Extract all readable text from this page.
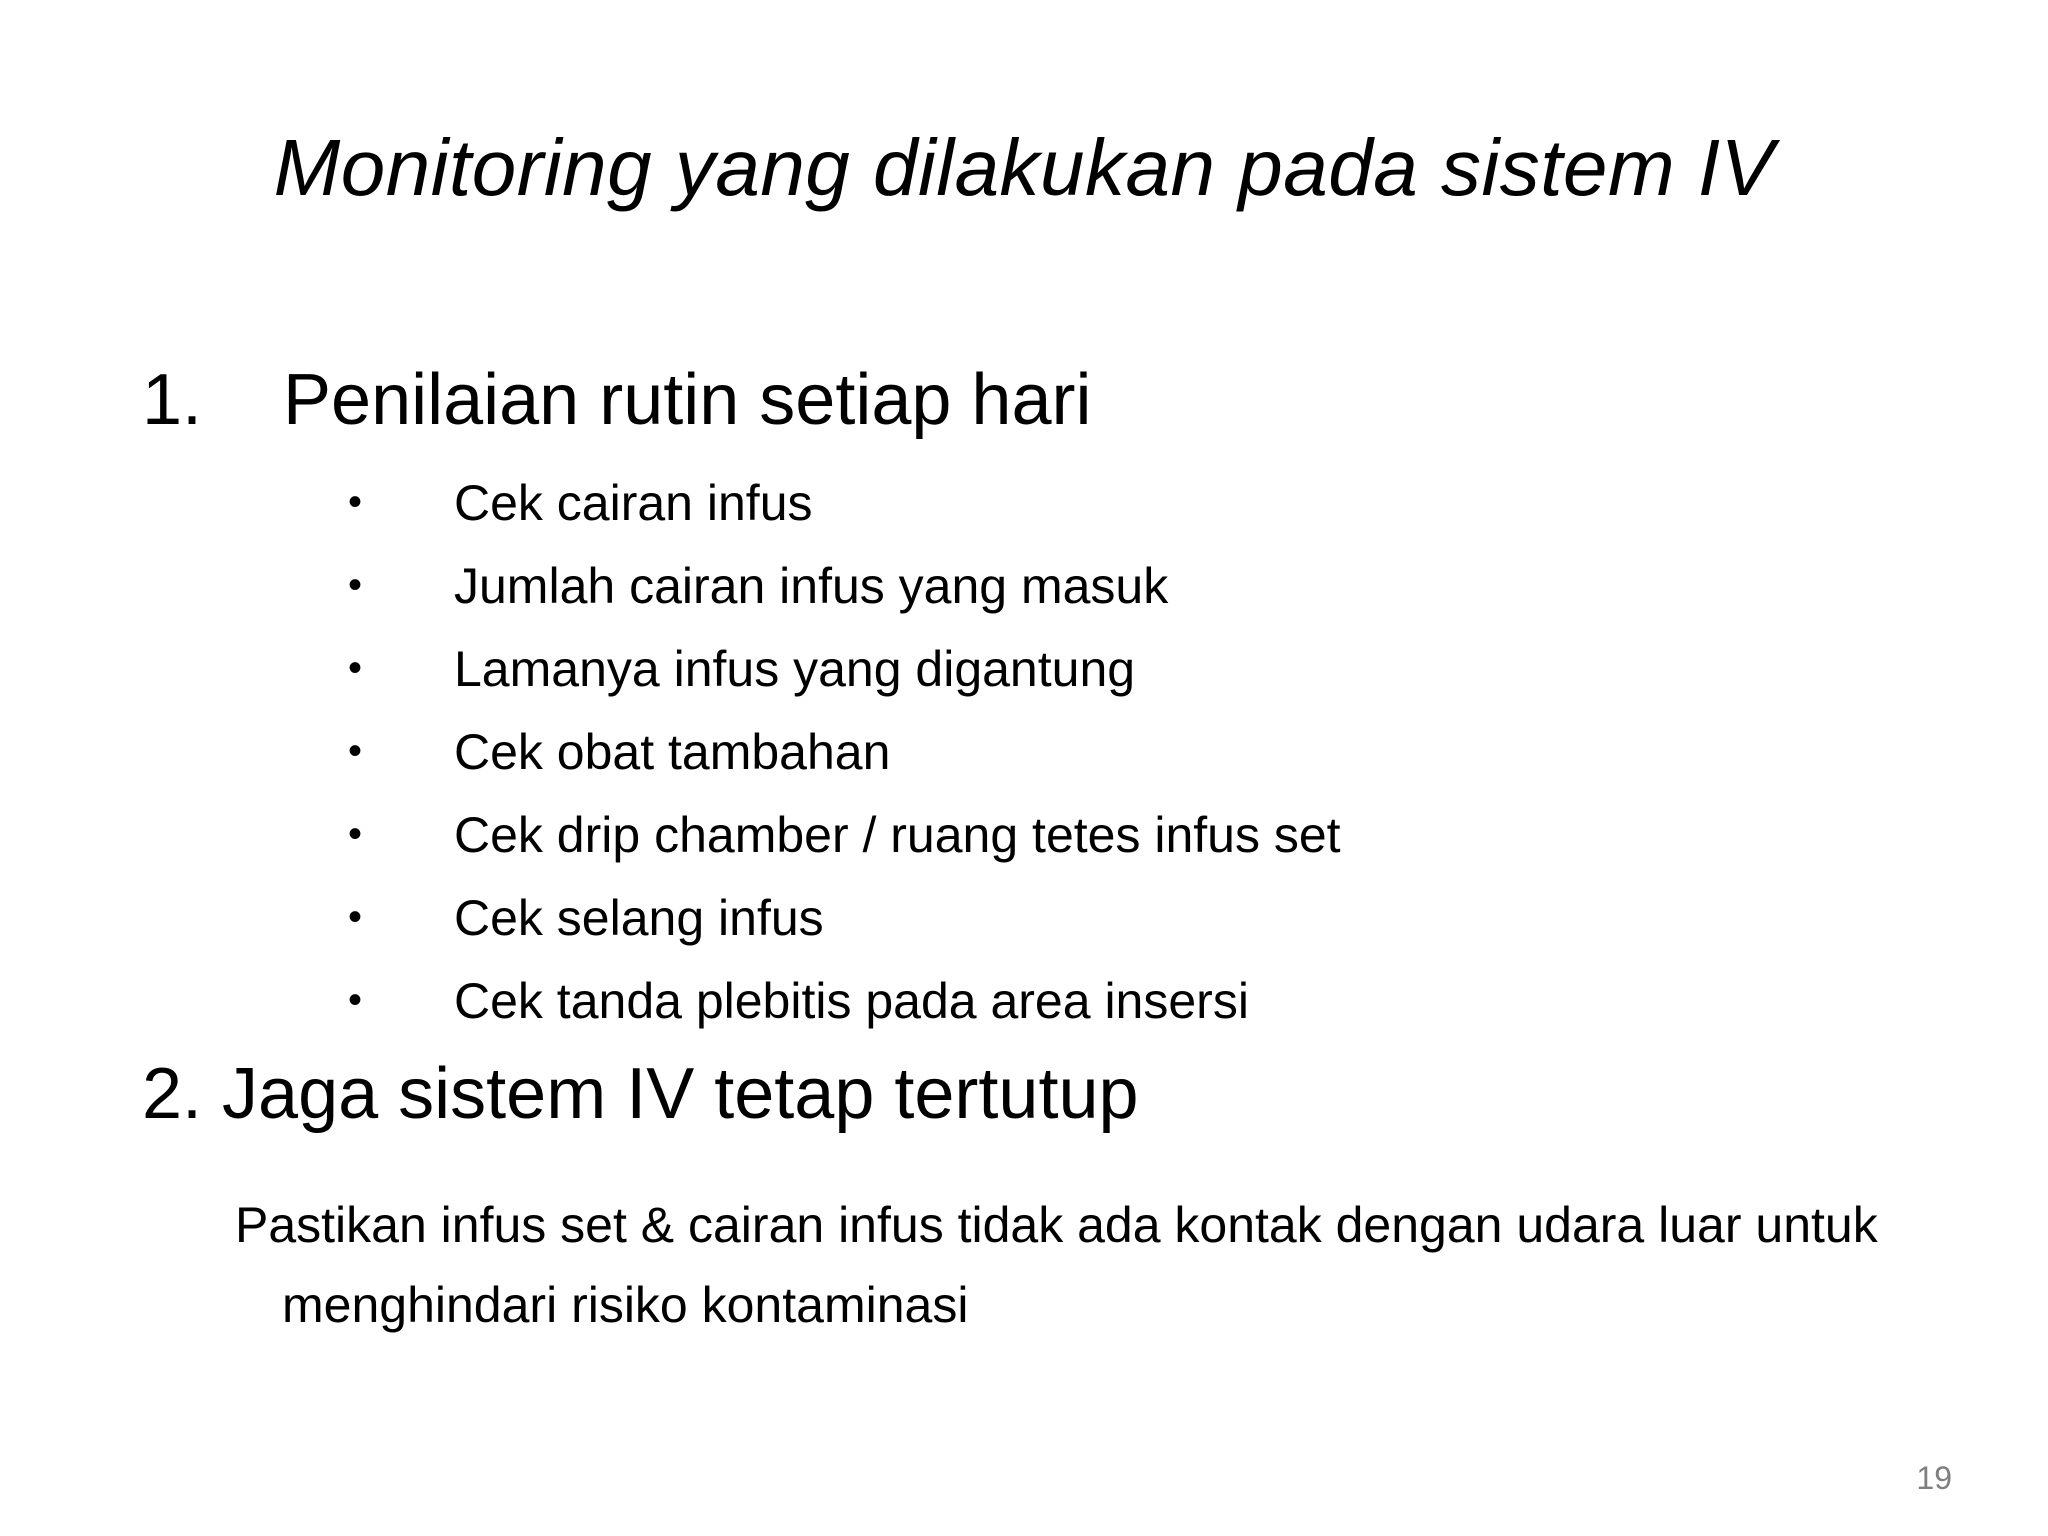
Monitoring yang dilakukan pada sistem IV
1. Penilaian rutin setiap hari
•	Cek cairan infus
•	Jumlah cairan infus yang masuk
•	Lamanya infus yang digantung
•	Cek obat tambahan
•	Cek drip chamber / ruang tetes infus set
•	Cek selang infus
•	Cek tanda plebitis pada area insersi
2. Jaga sistem IV tetap tertutup
Pastikan infus set & cairan infus tidak ada kontak dengan udara luar untuk
menghindari risiko kontaminasi
19
